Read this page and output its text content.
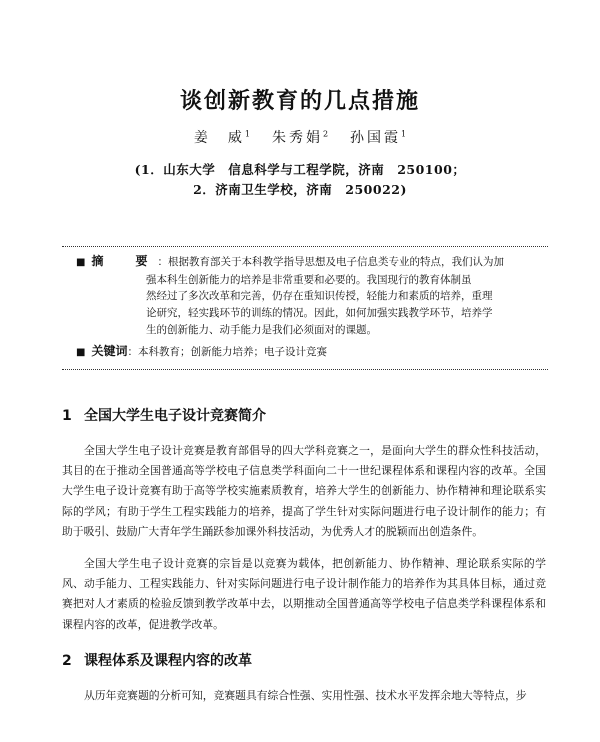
谈创新教育的几点措施
姜　威$^1$ 朱秀娟$^2$ 孙国霞$^1$
(1．山东大学　信息科学与工程学院，济南　250100；
2．济南卫生学校，济南　250022)

■ 摘　要：根据教育部关于本科教学指导思想及电子信息类专业的特点，我们认为加

强本科生创新能力的培养是非常重要和必要的。我国现行的教育体制虽

然经过了多次改革和完善，仍存在重知识传授，轻能力和素质的培养，重理

论研究，轻实践环节的训练的情况。因此，如何加强实践教学环节，培养学

生的创新能力、动手能力是我们必须面对的课题。

■ 关键词：本科教育；创新能力培养；电子设计竞赛
1 全国大学生电子设计竞赛简介

全国大学生电子设计竞赛是教育部倡导的四大学科竞赛之一，是面向大学生的群众性科技活动，其目的在于推动全国普通高等学校电子信息类学科面向二十一世纪课程体系和课程内容的改革。全国大学生电子设计竞赛有助于高等学校实施素质教育，培养大学生的创新能力、协作精神和理论联系实际的学风；有助于学生工程实践能力的培养，提高了学生针对实际问题进行电子设计制作的能力；有助于吸引、鼓励广大青年学生踊跃参加课外科技活动，为优秀人才的脱颖而出创造条件。

全国大学生电子设计竞赛的宗旨是以竞赛为载体，把创新能力、协作精神、理论联系实际的学风、动手能力、工程实践能力、针对实际问题进行电子设计制作能力的培养作为其具体目标，通过竞赛把对人才素质的检验反馈到教学改革中去，以期推动全国普通高等学校电子信息类学科课程体系和课程内容的改革，促进教学改革。

2 课程体系及课程内容的改革

从历年竞赛题的分析可知，竞赛题具有综合性强、实用性强、技术水平发挥余地大等特点，步
